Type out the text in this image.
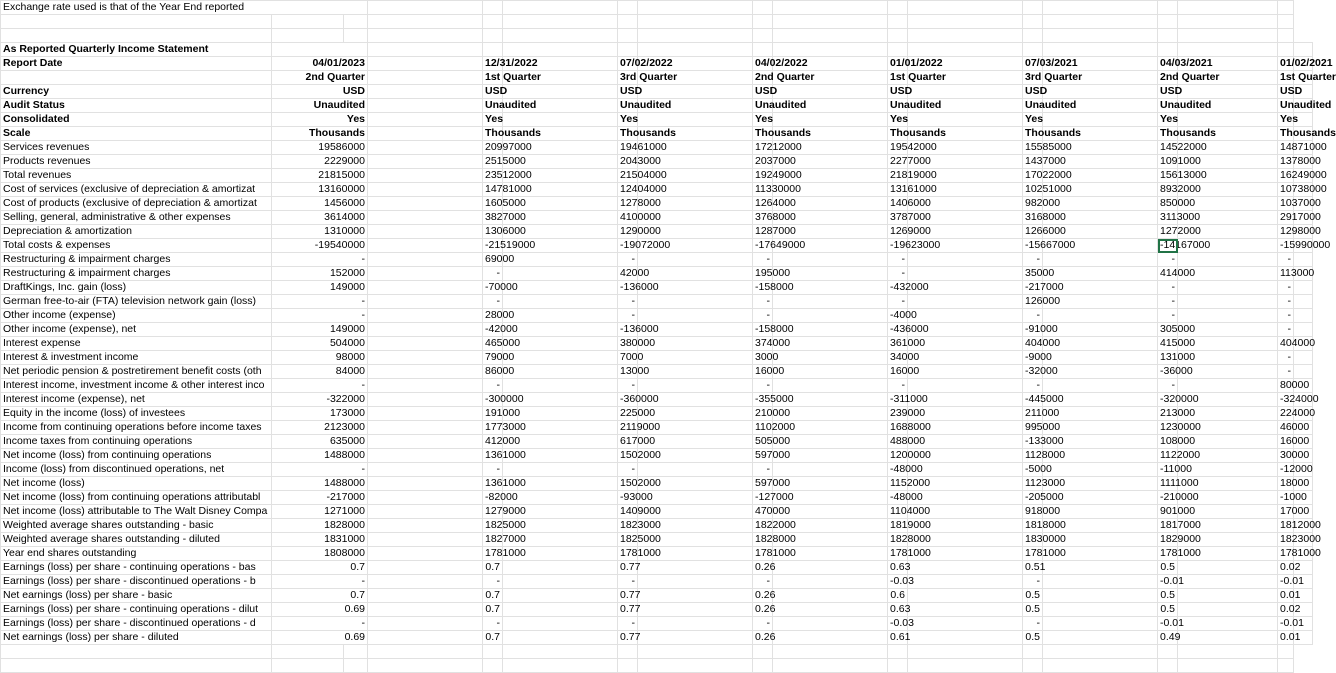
Exchange rate used is that of the Year End reported																	

As Reported Quarterly Income Statement																	
Report Date	04/01/2023			12/31/2022		07/02/2022		04/02/2022		01/01/2022		07/03/2021		04/03/2021		01/02/2021	
	2nd Quarter			1st Quarter		3rd Quarter		2nd Quarter		1st Quarter		3rd Quarter		2nd Quarter		1st Quarter	
Currency	USD			USD		USD		USD		USD		USD		USD		USD	
Audit Status	Unaudited			Unaudited		Unaudited		Unaudited		Unaudited		Unaudited		Unaudited		Unaudited	
Consolidated	Yes			Yes		Yes		Yes		Yes		Yes		Yes		Yes	
Scale	Thousands			Thousands		Thousands		Thousands		Thousands		Thousands		Thousands		Thousands	
Services revenues	19586000			20997000		19461000		17212000		19542000		15585000		14522000		14871000	
Products revenues	2229000			2515000		2043000		2037000		2277000		1437000		1091000		1378000	
Total revenues	21815000			23512000		21504000		19249000		21819000		17022000		15613000		16249000	
Cost of services (exclusive of depreciation & amortizat	13160000			14781000		12404000		11330000		13161000		10251000		8932000		10738000	
Cost of products (exclusive of depreciation & amortizat	1456000			1605000		1278000		1264000		1406000		982000		850000		1037000	
Selling, general, administrative & other expenses	3614000			3827000		4100000		3768000		3787000		3168000		3113000		2917000	
Depreciation & amortization	1310000			1306000		1290000		1287000		1269000		1266000		1272000		1298000	
Total costs & expenses	-19540000			-21519000		-19072000		-17649000		-19623000		-15667000		-14167000		-15990000	
Restructuring & impairment charges	-			69000		-		-		-		-		-		-	
Restructuring & impairment charges	152000			-		42000		195000		-		35000		414000		113000	
DraftKings, Inc. gain (loss)	149000			-70000		-136000		-158000		-432000		-217000		-		-	
German free-to-air (FTA) television network gain (loss)	-			-		-		-		-		126000		-		-	
Other income (expense)	-			28000		-		-		-4000		-		-		-	
Other income (expense), net	149000			-42000		-136000		-158000		-436000		-91000		305000		-	
Interest expense	504000			465000		380000		374000		361000		404000		415000		404000	
Interest & investment income	98000			79000		7000		3000		34000		-9000		131000		-	
Net periodic pension & postretirement benefit costs (oth	84000			86000		13000		16000		16000		-32000		-36000		-	
Interest income, investment income & other interest inco	-			-		-		-		-		-		-		80000	
Interest income (expense), net	-322000			-300000		-360000		-355000		-311000		-445000		-320000		-324000	
Equity in the income (loss) of investees	173000			191000		225000		210000		239000		211000		213000		224000	
Income from continuing operations before income taxes	2123000			1773000		2119000		1102000		1688000		995000		1230000		46000	
Income taxes from continuing operations	635000			412000		617000		505000		488000		-133000		108000		16000	
Net income (loss) from continuing operations	1488000			1361000		1502000		597000		1200000		1128000		1122000		30000	
Income (loss) from discontinued operations, net	-			-		-		-		-48000		-5000		-11000		-12000	
Net income (loss)	1488000			1361000		1502000		597000		1152000		1123000		1111000		18000	
Net income (loss) from continuing operations attributabl	-217000			-82000		-93000		-127000		-48000		-205000		-210000		-1000	
Net income (loss) attributable to The Walt Disney Compa	1271000			1279000		1409000		470000		1104000		918000		901000		17000	
Weighted average shares outstanding - basic	1828000			1825000		1823000		1822000		1819000		1818000		1817000		1812000	
Weighted average shares outstanding - diluted	1831000			1827000		1825000		1828000		1828000		1830000		1829000		1823000	
Year end shares outstanding	1808000			1781000		1781000		1781000		1781000		1781000		1781000		1781000	
Earnings (loss) per share - continuing operations - bas	0.7			0.7		0.77		0.26		0.63		0.51		0.5		0.02	
Earnings (loss) per share - discontinued operations - b	-			-		-		-		-0.03		-		-0.01		-0.01	
Net earnings (loss) per share - basic	0.7			0.7		0.77		0.26		0.6		0.5		0.5		0.01	
Earnings (loss) per share - continuing operations - dilut	0.69			0.7		0.77		0.26		0.63		0.5		0.5		0.02	
Earnings (loss) per share - discontinued operations - d	-			-		-		-		-0.03		-		-0.01		-0.01	
Net earnings (loss) per share - diluted	0.69			0.7		0.77		0.26		0.61		0.5		0.49		0.01	
